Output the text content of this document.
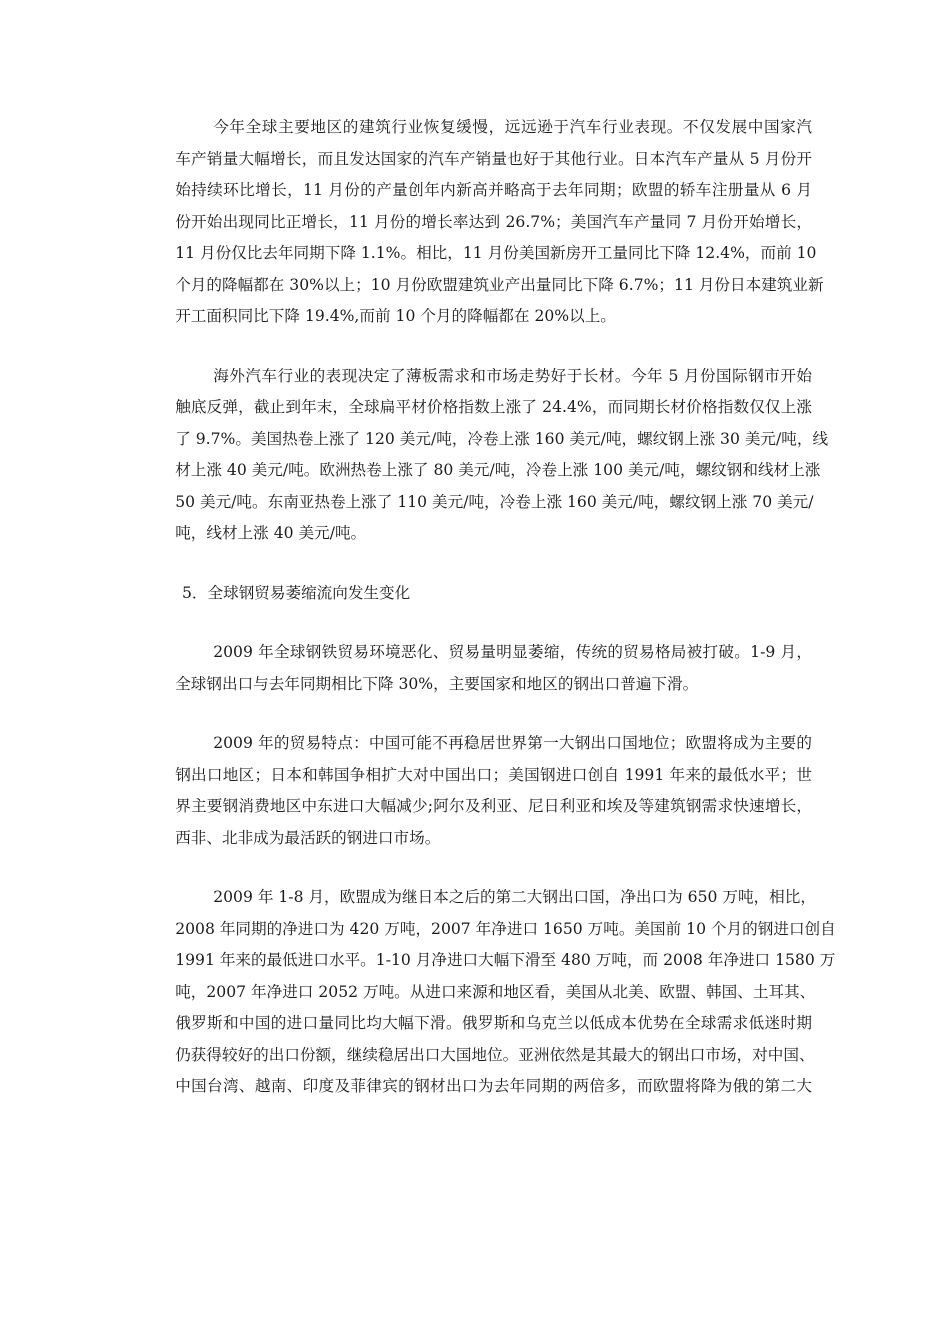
今年全球主要地区的建筑行业恢复缓慢，远远逊于汽车行业表现。不仅发展中国家汽
车产销量大幅增长，而且发达国家的汽车产销量也好于其他行业。日本汽车产量从 5 月份开
始持续环比增长，11 月份的产量创年内新高并略高于去年同期；欧盟的轿车注册量从 6 月
份开始出现同比正增长，11 月份的增长率达到 26.7%；美国汽车产量同 7 月份开始增长，
11 月份仅比去年同期下降 1.1%。相比，11 月份美国新房开工量同比下降 12.4%，而前 10
个月的降幅都在 30%以上；10 月份欧盟建筑业产出量同比下降 6.7%；11 月份日本建筑业新
开工面积同比下降 19.4%,而前 10 个月的降幅都在 20%以上。
海外汽车行业的表现决定了薄板需求和市场走势好于长材。今年 5 月份国际钢市开始
触底反弹，截止到年末，全球扁平材价格指数上涨了 24.4%，而同期长材价格指数仅仅上涨
了 9.7%。美国热卷上涨了 120 美元/吨，冷卷上涨 160 美元/吨，螺纹钢上涨 30 美元/吨，线
材上涨 40 美元/吨。欧洲热卷上涨了 80 美元/吨，冷卷上涨 100 美元/吨，螺纹钢和线材上涨
50 美元/吨。东南亚热卷上涨了 110 美元/吨，冷卷上涨 160 美元/吨，螺纹钢上涨 70 美元/
吨，线材上涨 40 美元/吨。

5．全球钢贸易萎缩流向发生变化

2009 年全球钢铁贸易环境恶化、贸易量明显萎缩，传统的贸易格局被打破。1-9 月，
全球钢出口与去年同期相比下降 30%，主要国家和地区的钢出口普遍下滑。
2009 年的贸易特点：中国可能不再稳居世界第一大钢出口国地位；欧盟将成为主要的
钢出口地区；日本和韩国争相扩大对中国出口；美国钢进口创自 1991 年来的最低水平；世
界主要钢消费地区中东进口大幅减少;阿尔及利亚、尼日利亚和埃及等建筑钢需求快速增长，
西非、北非成为最活跃的钢进口市场。
2009 年 1-8 月，欧盟成为继日本之后的第二大钢出口国，净出口为 650 万吨，相比，
2008 年同期的净进口为 420 万吨，2007 年净进口 1650 万吨。美国前 10 个月的钢进口创自
1991 年来的最低进口水平。1-10 月净进口大幅下滑至 480 万吨，而 2008 年净进口 1580 万
吨，2007 年净进口 2052 万吨。从进口来源和地区看，美国从北美、欧盟、韩国、土耳其、
俄罗斯和中国的进口量同比均大幅下滑。俄罗斯和乌克兰以低成本优势在全球需求低迷时期
仍获得较好的出口份额，继续稳居出口大国地位。亚洲依然是其最大的钢出口市场，对中国、
中国台湾、越南、印度及菲律宾的钢材出口为去年同期的两倍多，而欧盟将降为俄的第二大
